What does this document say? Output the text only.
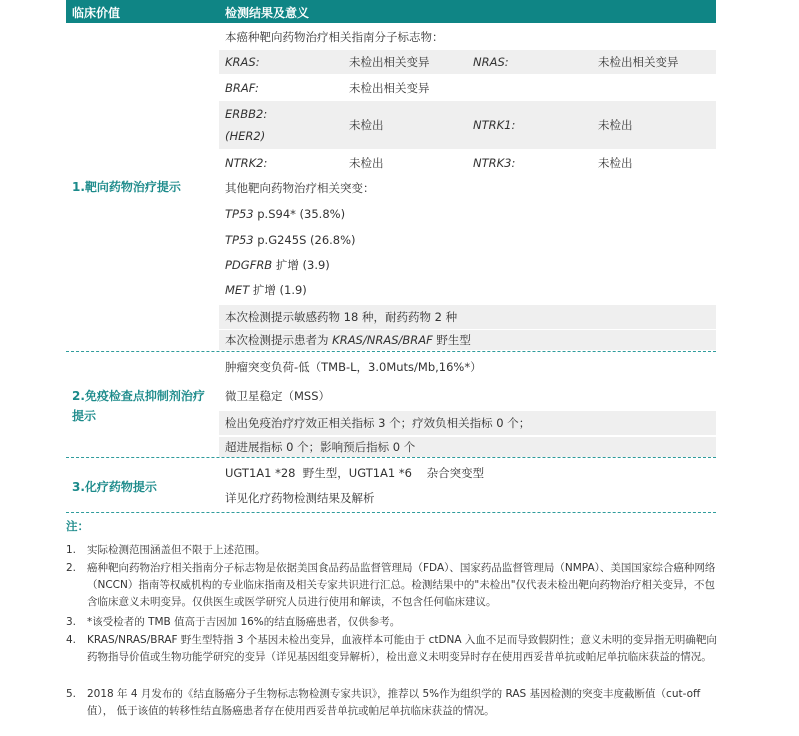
临床价值	检测结果及意义
1.靶向药物治疗提示
本癌种靶向药物治疗相关指南分子标志物：
KRAS:	未检出相关变异	NRAS:	未检出相关变异
BRAF:	未检出相关变异
ERBB2:
(HER2)
未检出	NTRK1:	未检出
NTRK2:	未检出	NTRK3:	未检出
其他靶向药物治疗相关突变：
TP53 p.S94* (35.8%)
TP53 p.G245S (26.8%)
PDGFRB 扩增 (3.9)
MET 扩增 (1.9)
本次检测提示敏感药物 18 种，耐药药物 2 种
本次检测提示患者为 KRAS/NRAS/BRAF 野生型
2.免疫检查点抑制剂治疗
提示
肿瘤突变负荷-低（TMB-L，3.0Muts/Mb,16%*）
微卫星稳定（MSS）
检出免疫治疗疗效正相关指标 3 个；疗效负相关指标 0 个；
超进展指标 0 个；影响预后指标 0 个
3.化疗药物提示
UGT1A1 *28  野生型，UGT1A1 *6    杂合突变型
详见化疗药物检测结果及解析
注：
1. 实际检测范围涵盖但不限于上述范围。
2. 癌种靶向药物治疗相关指南分子标志物是依据美国食品药品监督管理局（FDA）、国家药品监督管理局（NMPA）、美国国家综合癌种网络（NCCN）指南等权威机构的专业临床指南及相关专家共识进行汇总。检测结果中的"未检出"仅代表未检出靶向药物治疗相关变异，不包含临床意义未明变异。仅供医生或医学研究人员进行使用和解读，不包含任何临床建议。
3. *该受检者的 TMB 值高于吉因加 16%的结直肠癌患者，仅供参考。
4. KRAS/NRAS/BRAF 野生型特指 3 个基因未检出变异，血液样本可能由于 ctDNA 入血不足而导致假阴性；意义未明的变异指无明确靶向药物指导价值或生物功能学研究的变异（详见基因组变异解析），检出意义未明变异时存在使用西妥昔单抗或帕尼单抗临床获益的情况。
5. 2018 年 4 月发布的《结直肠癌分子生物标志物检测专家共识》，推荐以 5%作为组织学的 RAS 基因检测的突变丰度截断值（cut-off 值）， 低于该值的转移性结直肠癌患者存在使用西妥昔单抗或帕尼单抗临床获益的情况。
